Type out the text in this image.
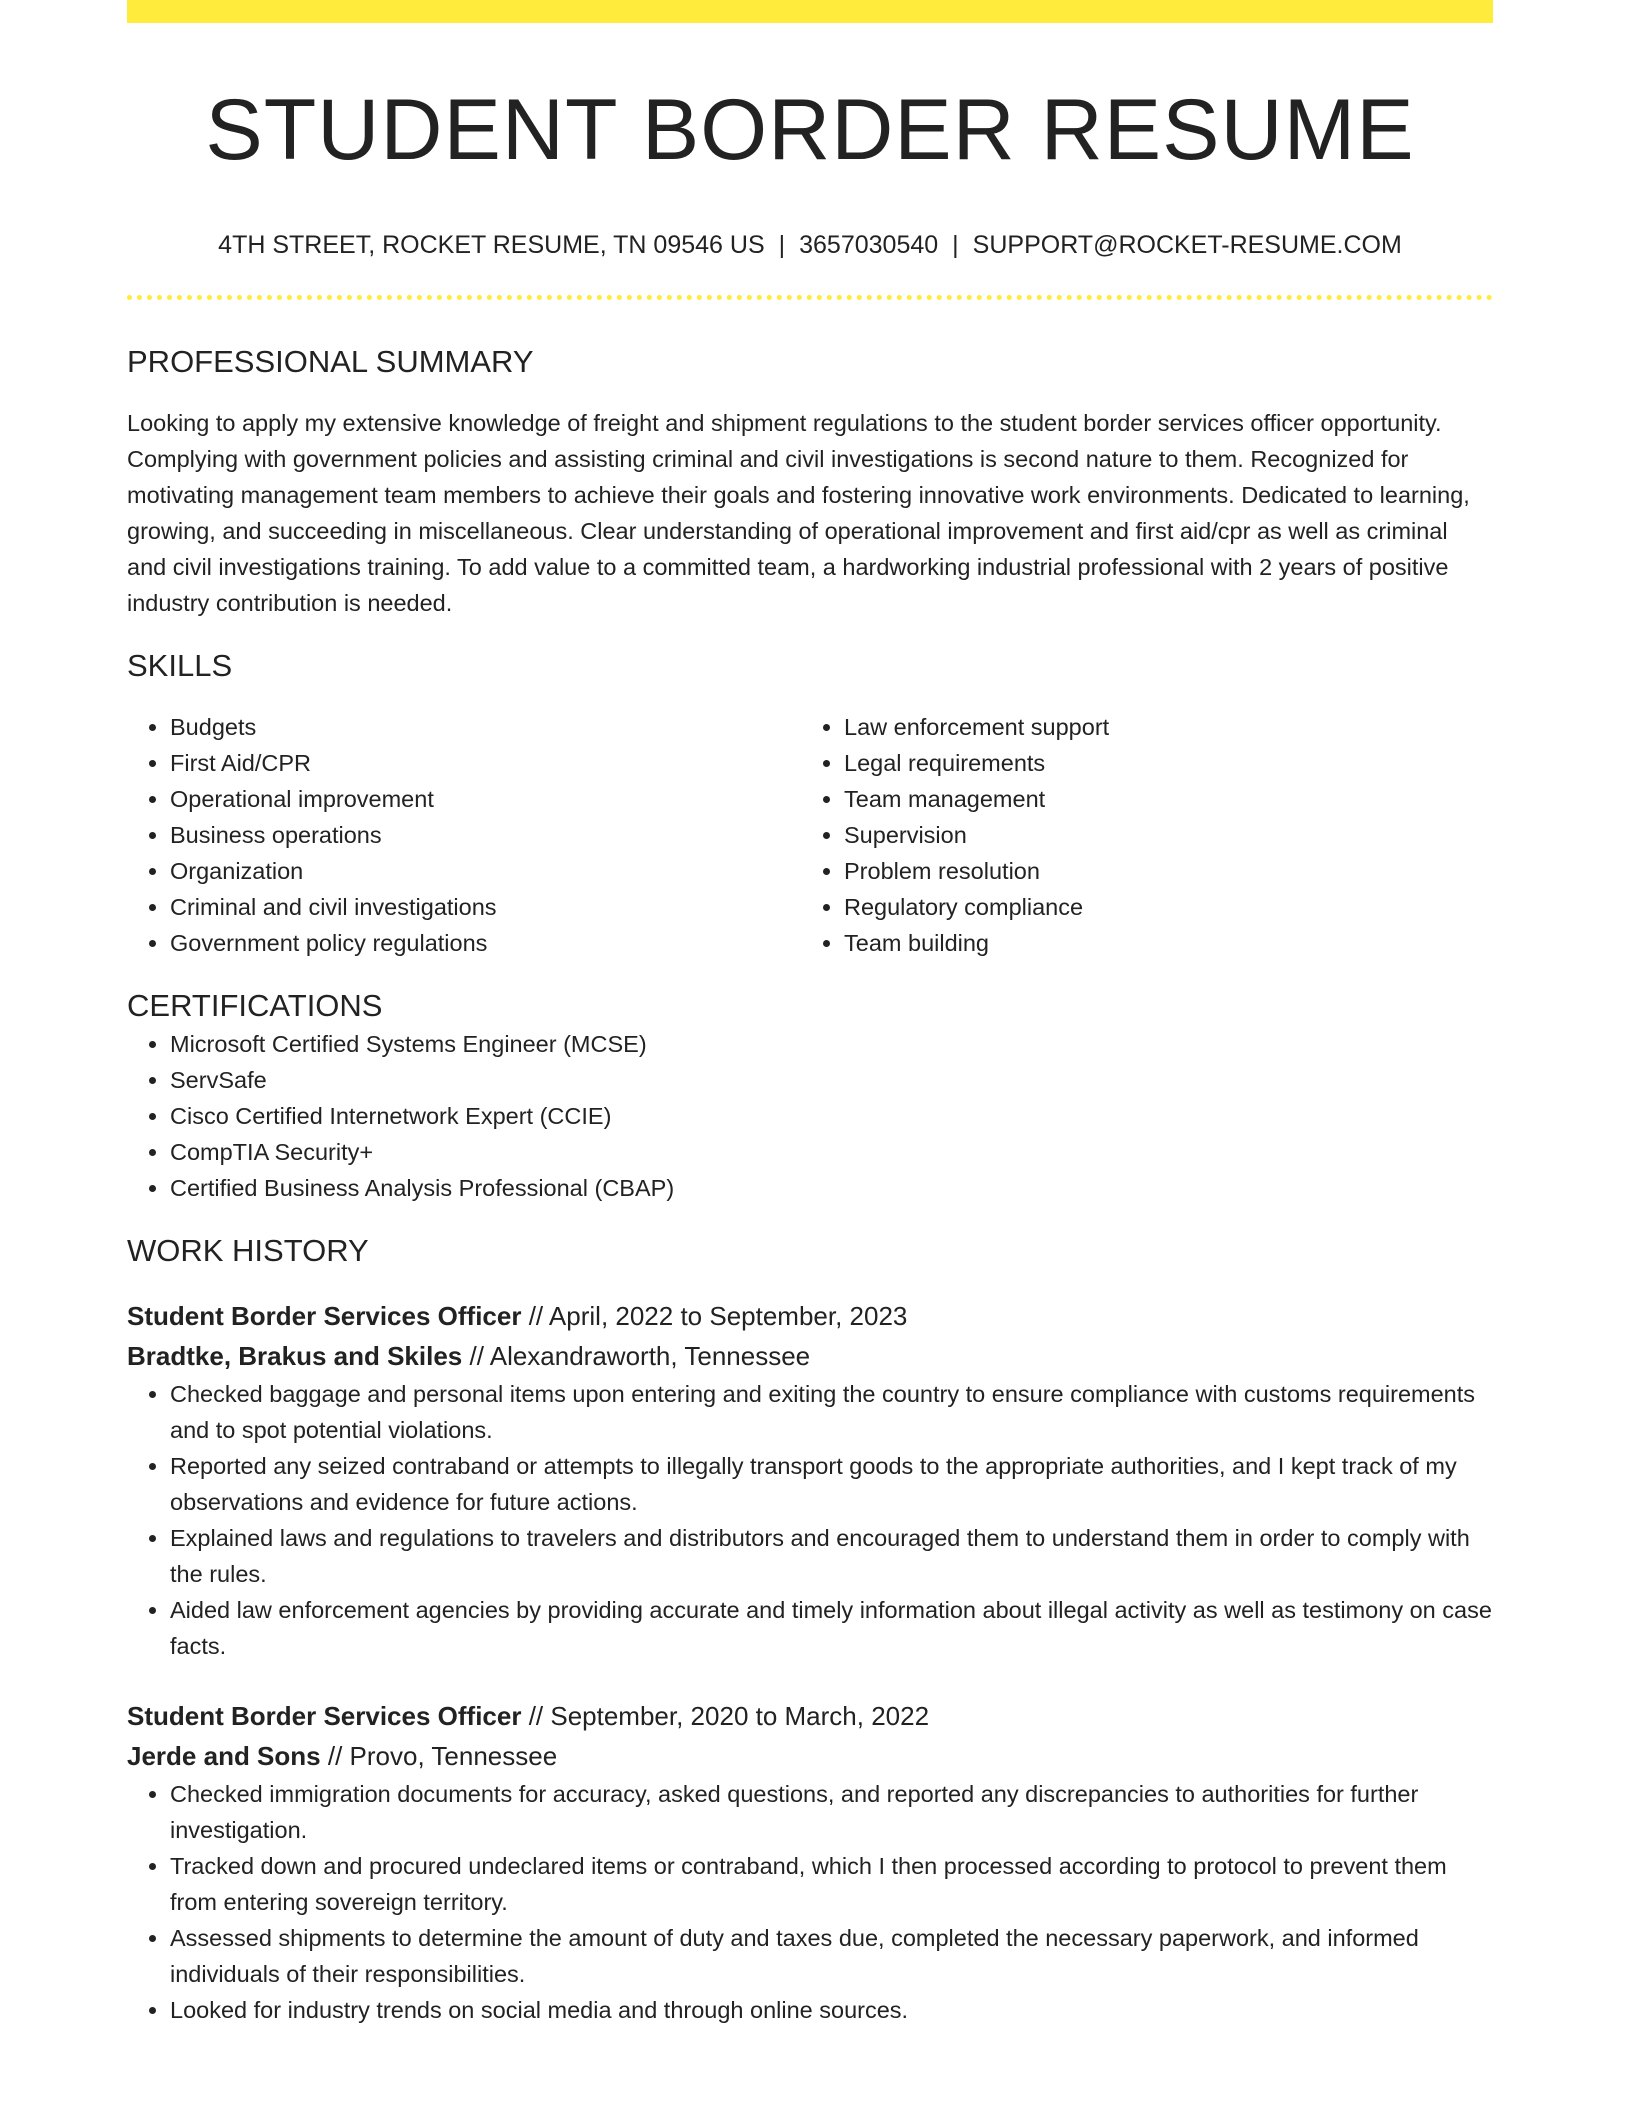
STUDENT BORDER RESUME
4TH STREET, ROCKET RESUME, TN 09546 US | 3657030540 | SUPPORT@ROCKET-RESUME.COM
PROFESSIONAL SUMMARY
Looking to apply my extensive knowledge of freight and shipment regulations to the student border services officer opportunity. Complying with government policies and assisting criminal and civil investigations is second nature to them. Recognized for motivating management team members to achieve their goals and fostering innovative work environments. Dedicated to learning, growing, and succeeding in miscellaneous. Clear understanding of operational improvement and first aid/cpr as well as criminal and civil investigations training. To add value to a committed team, a hardworking industrial professional with 2 years of positive industry contribution is needed.
SKILLS
• Budgets
• First Aid/CPR
• Operational improvement
• Business operations
• Organization
• Criminal and civil investigations
• Government policy regulations
• Law enforcement support
• Legal requirements
• Team management
• Supervision
• Problem resolution
• Regulatory compliance
• Team building
CERTIFICATIONS
• Microsoft Certified Systems Engineer (MCSE)
• ServSafe
• Cisco Certified Internetwork Expert (CCIE)
• CompTIA Security+
• Certified Business Analysis Professional (CBAP)
WORK HISTORY
Student Border Services Officer // April, 2022 to September, 2023
Bradtke, Brakus and Skiles // Alexandraworth, Tennessee
• Checked baggage and personal items upon entering and exiting the country to ensure compliance with customs requirements and to spot potential violations.
• Reported any seized contraband or attempts to illegally transport goods to the appropriate authorities, and I kept track of my observations and evidence for future actions.
• Explained laws and regulations to travelers and distributors and encouraged them to understand them in order to comply with the rules.
• Aided law enforcement agencies by providing accurate and timely information about illegal activity as well as testimony on case facts.
Student Border Services Officer // September, 2020 to March, 2022
Jerde and Sons // Provo, Tennessee
• Checked immigration documents for accuracy, asked questions, and reported any discrepancies to authorities for further investigation.
• Tracked down and procured undeclared items or contraband, which I then processed according to protocol to prevent them from entering sovereign territory.
• Assessed shipments to determine the amount of duty and taxes due, completed the necessary paperwork, and informed individuals of their responsibilities.
• Looked for industry trends on social media and through online sources.
